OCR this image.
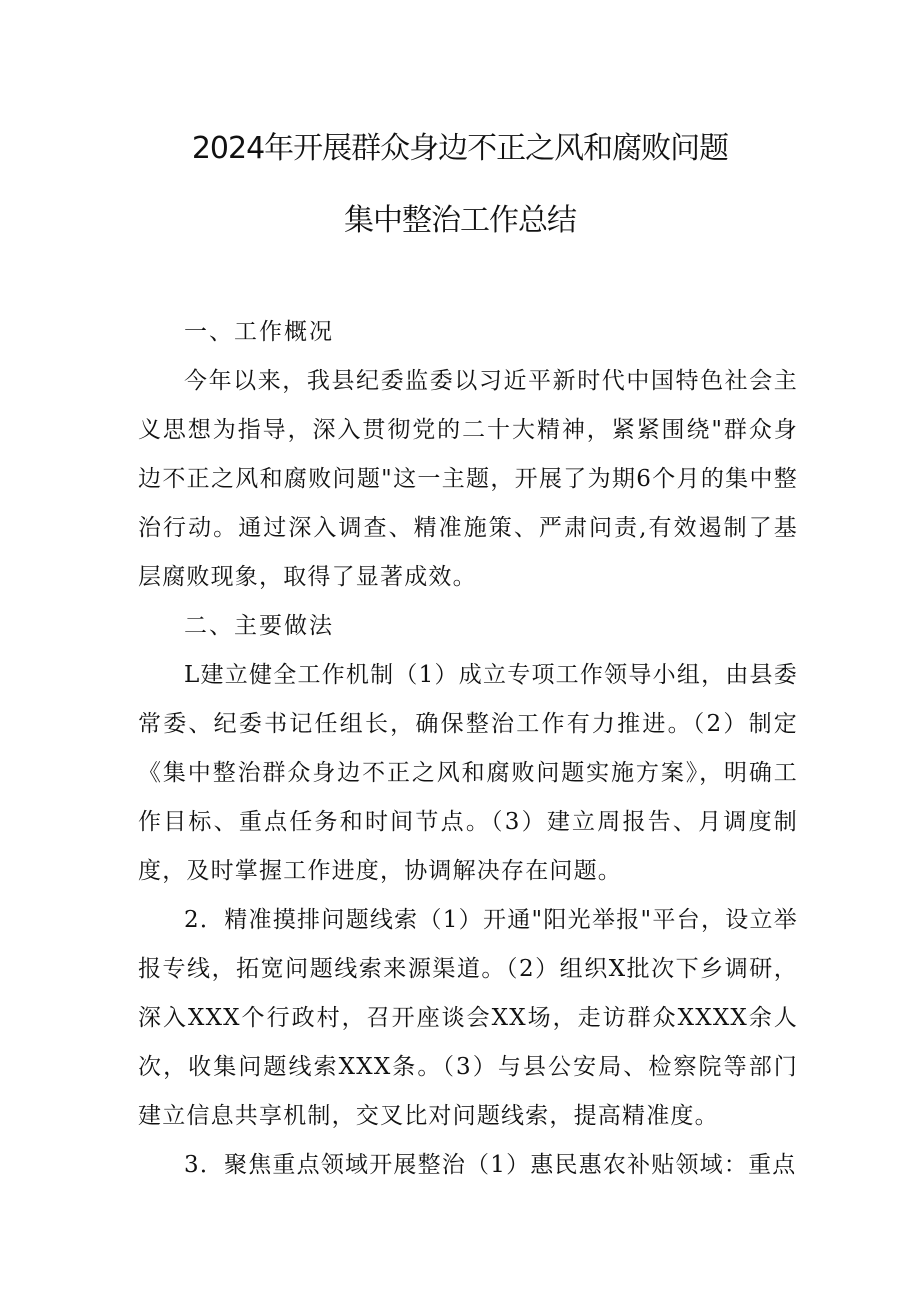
2024年开展群众身边不正之风和腐败问题
集中整治工作总结

一、工作概况

今年以来，我县纪委监委以习近平新时代中国特色社会主义思想为指导，深入贯彻党的二十大精神，紧紧围绕"群众身边不正之风和腐败问题"这一主题，开展了为期6个月的集中整治行动。通过深入调查、精准施策、严肃问责,有效遏制了基层腐败现象，取得了显著成效。

二、主要做法

L建立健全工作机制（1）成立专项工作领导小组，由县委常委、纪委书记任组长，确保整治工作有力推进。（2）制定《集中整治群众身边不正之风和腐败问题实施方案》，明确工作目标、重点任务和时间节点。（3）建立周报告、月调度制度，及时掌握工作进度，协调解决存在问题。

2．精准摸排问题线索（1）开通"阳光举报"平台，设立举报专线，拓宽问题线索来源渠道。（2）组织X批次下乡调研，深入XXX个行政村，召开座谈会XX场，走访群众XXXX余人次，收集问题线索XXX条。（3）与县公安局、检察院等部门建立信息共享机制，交叉比对问题线索，提高精准度。

3．聚焦重点领域开展整治（1）惠民惠农补贴领域：重点
